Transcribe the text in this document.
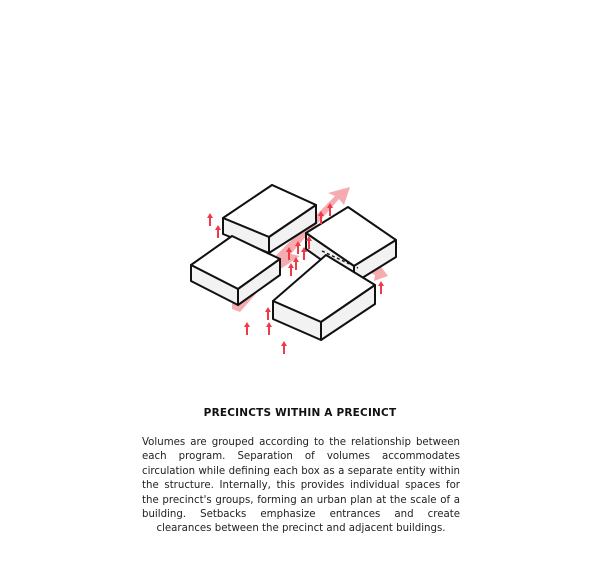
PRECINCTS WITHIN A PRECINCT
Volumes are grouped according to the relationship between each program. Separation of volumes accommodates circulation while defining each box as a separate entity within the structure. Internally, this provides individual spaces for the precinct's groups, forming an urban plan at the scale of a building. Setbacks emphasize entrances and create clearances between the precinct and adjacent buildings.
